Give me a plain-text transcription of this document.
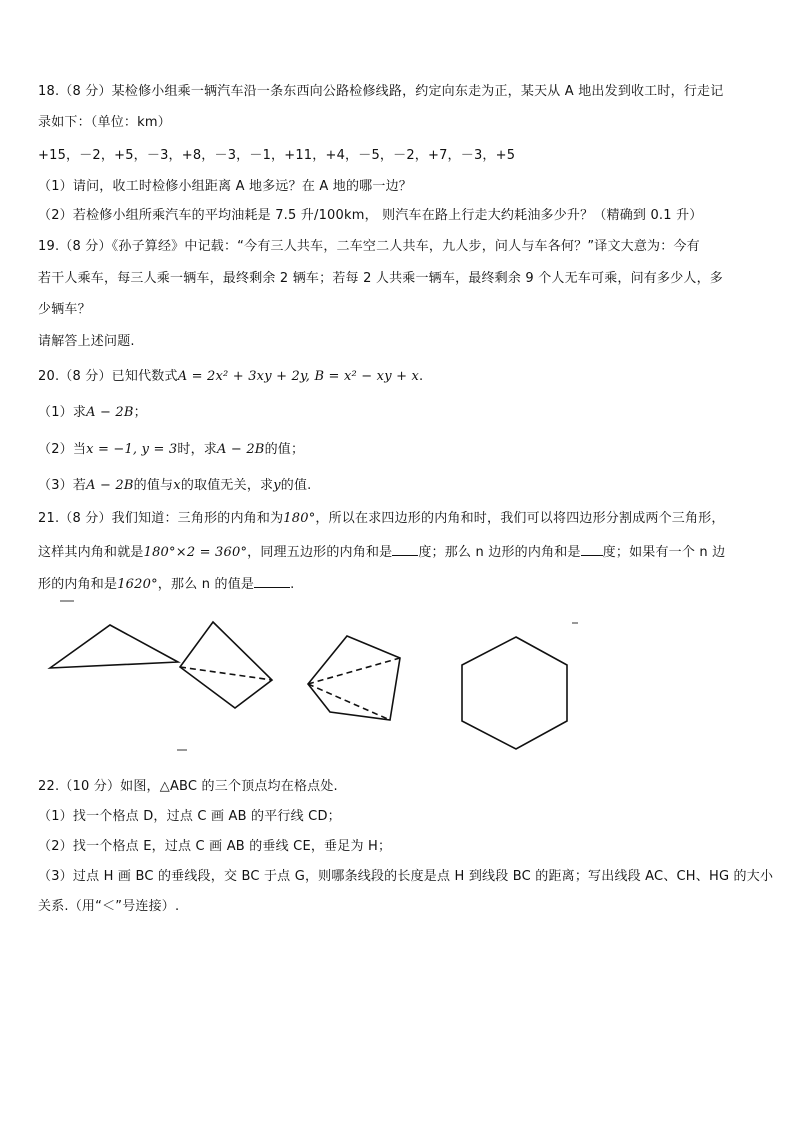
18.（8 分）某检修小组乘一辆汽车沿一条东西向公路检修线路，约定向东走为正，某天从 A 地出发到收工时，行走记
录如下：（单位：km）
+15，－2，+5，－3，+8，－3，－1，+11，+4，－5，－2，+7，－3，+5
（1）请问，收工时检修小组距离 A 地多远？在 A 地的哪一边？
（2）若检修小组所乘汽车的平均油耗是 7.5 升/100km， 则汽车在路上行走大约耗油多少升？（精确到 0.1 升）
19.（8 分）《孙子算经》中记载：“今有三人共车，二车空二人共车，九人步，问人与车各何？”译文大意为：今有
若干人乘车，每三人乘一辆车，最终剩余 2 辆车；若每 2 人共乘一辆车，最终剩余 9 个人无车可乘，问有多少人，多
少辆车？
请解答上述问题.
20.（8 分）已知代数式A = 2x² + 3xy + 2y, B = x² − xy + x.
（1）求A − 2B；
（2）当x = −1, y = 3时，求A − 2B的值；
（3）若A − 2B的值与x的取值无关，求y的值.
21.（8 分）我们知道：三角形的内角和为180°，所以在求四边形的内角和时，我们可以将四边形分割成两个三角形，
这样其内角和就是180°×2 = 360°，同理五边形的内角和是 度；那么 n 边形的内角和是 度；如果有一个 n 边
形的内角和是1620°，那么 n 的值是	.
22.（10 分）如图，△ABC 的三个顶点均在格点处.
（1）找一个格点 D，过点 C 画 AB 的平行线 CD；
（2）找一个格点 E，过点 C 画 AB 的垂线 CE，垂足为 H；
（3）过点 H 画 BC 的垂线段，交 BC 于点 G，则哪条线段的长度是点 H 到线段 BC 的距离；写出线段 AC、CH、HG 的大小
关系.（用“＜”号连接）.
